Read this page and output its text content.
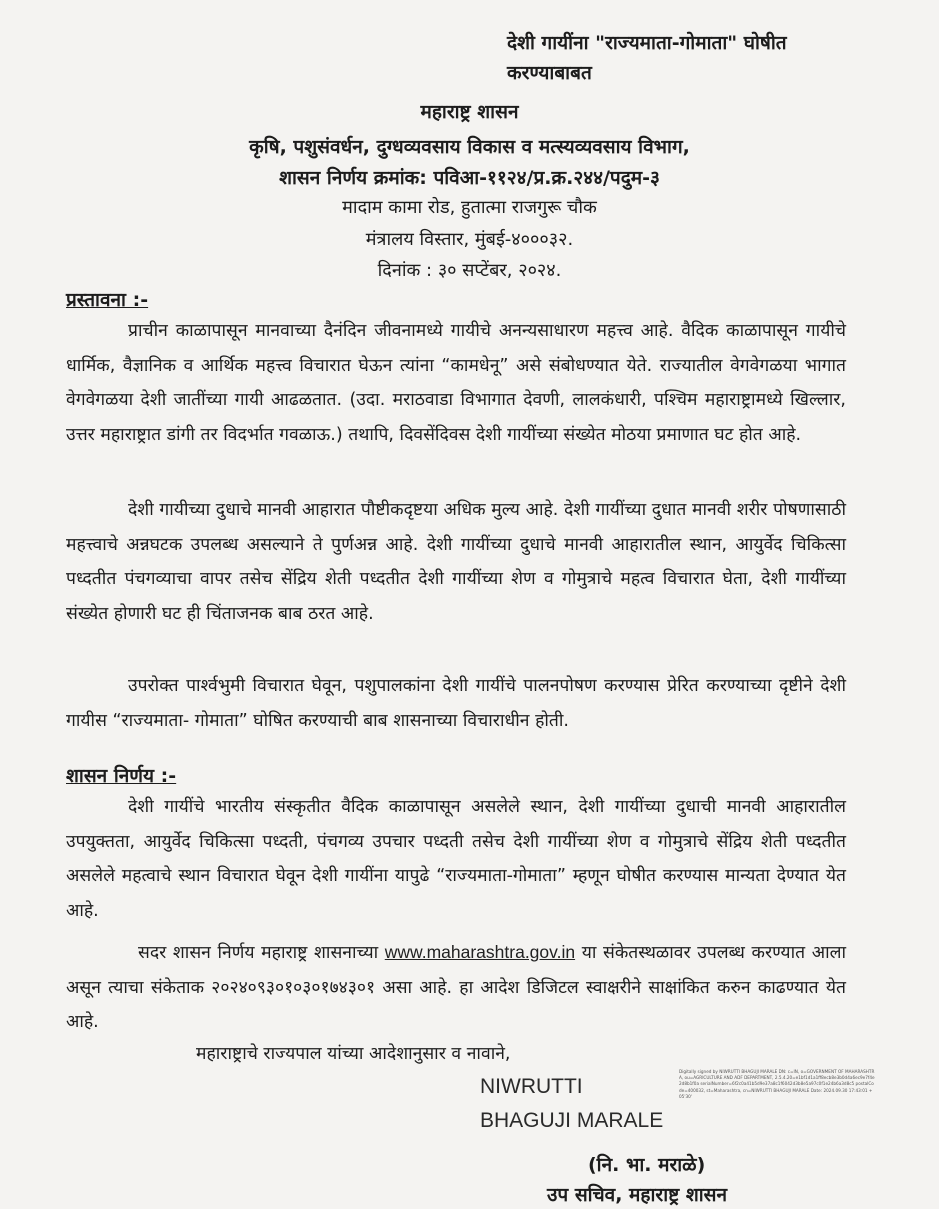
देशी गायींना "राज्यमाता-गोमाता" घोषीत करण्याबाबत

महाराष्ट्र शासन

कृषि, पशुसंवर्धन, दुग्धव्यवसाय विकास व मत्स्यव्यवसाय विभाग,

शासन निर्णय क्रमांक: पविआ-११२४/प्र.क्र.२४४/पदुम-३

मादाम कामा रोड, हुतात्मा राजगुरू चौक

मंत्रालय विस्तार, मुंबई-४०००३२.

दिनांक : ३० सप्टेंबर, २०२४.

प्रस्तावना :-

प्राचीन काळापासून मानवाच्या दैनंदिन जीवनामध्ये गायीचे अनन्यसाधारण महत्त्व आहे. वैदिक काळापासून गायीचे धार्मिक, वैज्ञानिक व आर्थिक महत्त्व विचारात घेऊन त्यांना “कामधेनू” असे संबोधण्यात येते. राज्यातील वेगवेगळया भागात वेगवेगळया देशी जातींच्या गायी आढळतात. (उदा. मराठवाडा विभागात देवणी, लालकंधारी, पश्चिम महाराष्ट्रामध्ये खिल्लार, उत्तर महाराष्ट्रात डांगी तर विदर्भात गवळाऊ.) तथापि, दिवसेंदिवस देशी गायींच्या संख्येत मोठया प्रमाणात घट होत आहे.

देशी गायीच्या दुधाचे मानवी आहारात पौष्टीकदृष्टया अधिक मुल्य आहे. देशी गायींच्या दुधात मानवी शरीर पोषणासाठी महत्त्वाचे अन्नघटक उपलब्ध असल्याने ते पुर्णअन्न आहे. देशी गायींच्या दुधाचे मानवी आहारातील स्थान, आयुर्वेद चिकित्सा पध्दतीत पंचगव्याचा वापर तसेच सेंद्रिय शेती पध्दतीत देशी गायींच्या शेण व गोमुत्राचे महत्व विचारात घेता, देशी गायींच्या संख्येत होणारी घट ही चिंताजनक बाब ठरत आहे.

उपरोक्त पार्श्वभुमी विचारात घेवून, पशुपालकांना देशी गायींचे पालनपोषण करण्यास प्रेरित करण्याच्या दृष्टीने देशी गायीस “राज्यमाता- गोमाता” घोषित करण्याची बाब शासनाच्या विचाराधीन होती.

शासन निर्णय :-

देशी गायींचे भारतीय संस्कृतीत वैदिक काळापासून असलेले स्थान, देशी गायींच्या दुधाची मानवी आहारातील उपयुक्तता, आयुर्वेद चिकित्सा पध्दती, पंचगव्य उपचार पध्दती तसेच देशी गायींच्या शेण व गोमुत्राचे सेंद्रिय शेती पध्दतीत असलेले महत्वाचे स्थान विचारात घेवून देशी गायींना यापुढे “राज्यमाता-गोमाता” म्हणून घोषीत करण्यास मान्यता देण्यात येत आहे.

सदर शासन निर्णय महाराष्ट्र शासनाच्या www.maharashtra.gov.in या संकेतस्थळावर उपलब्ध करण्यात आला असून त्याचा संकेताक २०२४०९३०१०३०१७४३०१ असा आहे. हा आदेश डिजिटल स्वाक्षरीने साक्षांकित करुन काढण्यात येत आहे.

महाराष्ट्राचे राज्यपाल यांच्या आदेशानुसार व नावाने,

NIWRUTTI

BHAGUJI MARALE

Digitally signed by NIWRUTTI BHAGUJI MARALE DN: c=IN, o=GOVERNMENT OF MAHARASHTRA, ou=AGRICULTURE AND ADF DEPARTMENT, 2.5.4.20=e1bf1d1a1ff8ecb8e3b0d4a6ec9e7f4e2d8b1f0a serialNumber=6f2c0a41b5d9e37a8c1f6042d3b8e5a97c0f1e24b6a3d8c5 postalCode=400032, st=Maharashtra, cn=NIWRUTTI BHAGUJI MARALE Date: 2024.09.30 17:43:01 +05'30'

(नि. भा. मराळे)

उप सचिव, महाराष्ट्र शासन
